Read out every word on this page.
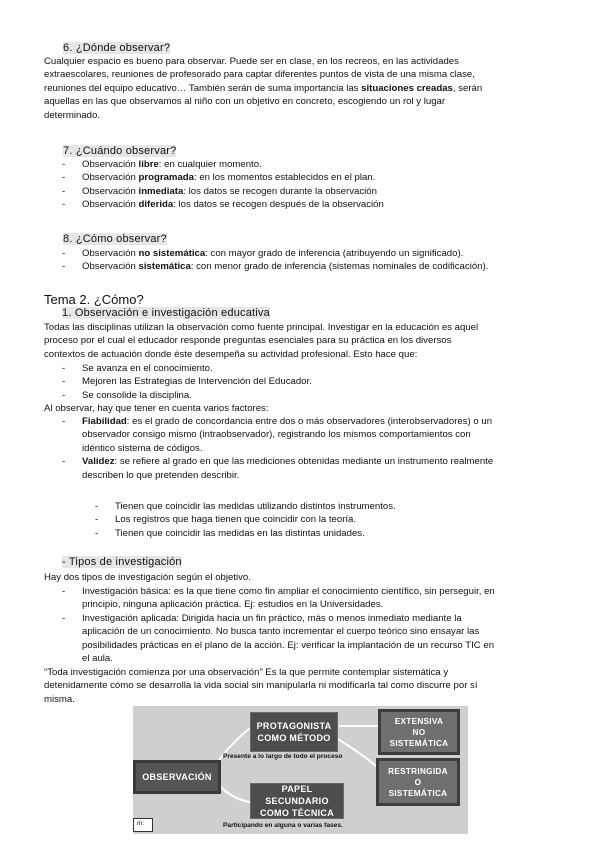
6. ¿Dónde observar?
Cualquier espacio es bueno para observar. Puede ser en clase, en los recreos, en las actividades
extraescolares, reuniones de profesorado para captar diferentes puntos de vista de una misma clase,
reuniones del equipo educativo… También serán de suma importancia las situaciones creadas, serán
aquellas en las que observamos al niño con un objetivo en concreto, escogiendo un rol y lugar
determinado.
7. ¿Cuándo observar?
- Observación libre: en cualquier momento.
- Observación programada: en los momentos establecidos en el plan.
- Observación inmediata: los datos se recogen durante la observación
- Observación diferida: los datos se recogen después de la observación
8. ¿Cómo observar?
- Observación no sistemática: con mayor grado de inferencia (atribuyendo un significado).
- Observación sistemática: con menor grado de inferencia (sistemas nominales de codificación).
Tema 2. ¿Cómo?
1. Observación e investigación educativa
Todas las disciplinas utilizan la observación como fuente principal. Investigar en la educación es aquel
proceso por el cual el educador responde preguntas esenciales para su práctica en los diversos
contextos de actuación donde éste desempeña su actividad profesional. Esto hace que:
- Se avanza en el conocimiento.
- Mejoren las Estrategias de Intervención del Educador.
- Se consolide la disciplina.
Al observar, hay que tener en cuenta varios factores:
-	Fiabilidad: es el grado de concordancia entre dos o más observadores (interobservadores) o un
observador consigo mismo (intraobservador), registrando los mismos comportamientos con
idéntico sistema de códigos.
-	Validez: se refiere al grado en que las mediciones obtenidas mediante un instrumento realmente
describen lo que pretenden describir.
- Tienen que coincidir las medidas utilizando distintos instrumentos.
- Los registros que haga tienen que coincidir con la teoría.
- Tienen que coincidir las medidas en las distintas unidades.
- Tipos de investigación
Hay dos tipos de investigación según el objetivo.
-	Investigación básica: es la que tiene como fin ampliar el conocimiento científico, sin perseguir, en
principio, ninguna aplicación práctica. Ej: estudios en la Universidades.
-	Investigación aplicada: Dirigida hacia un fin práctico, más o menos inmediato mediante la
aplicación de un conocimiento. No busca tanto incrementar el cuerpo teórico sino ensayar las
posibilidades prácticas en el plano de la acción. Ej: verificar la implantación de un recurso TIC en
el aula.
“Toda investigación comienza por una observación” Es la que permite contemplar sistemática y
detenidamente cómo se desarrolla la vida social sin manipularla ni modificarla tal como discurre por sí
misma.
OBSERVACIÓN
PROTAGONISTA
COMO MÉTODO
PAPEL SECUNDARIO
COMO TÉCNICA
EXTENSIVA
NO
SISTEMÁTICA
RESTRINGIDA
O
SISTEMÁTICA
Presente a lo largo de todo el proceso
Participando en alguna o varias fases.
m:
